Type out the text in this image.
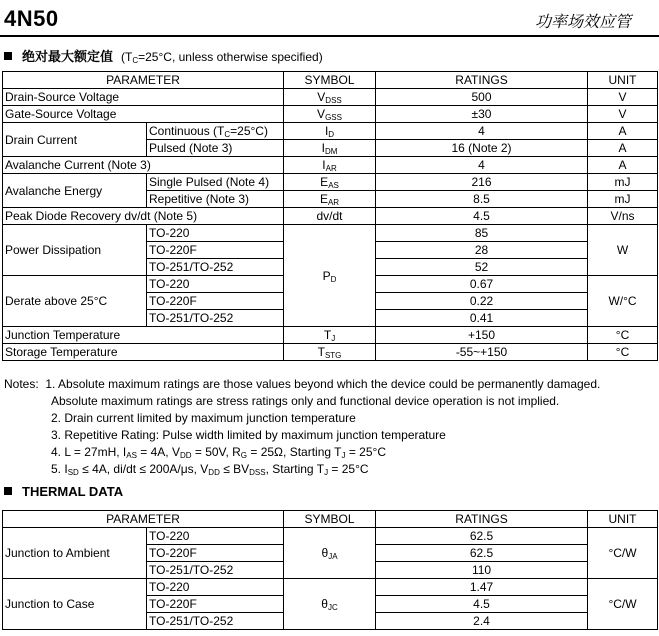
4N50	功率场效应管
绝对最大额定值 ($T_C=25^\circ C$, unless otherwise specified)
PARAMETER		SYMBOL	RATINGS	UNIT
Drain-Source Voltage		$V_{DSS}$	500	V
Gate-Source Voltage		$V_{GSS}$	±30	V
Drain Current	Continuous $(T_C=25^\circ C)$	$I_D$	4	A
	Pulsed (Note 3)	$I_{DM}$	16 (Note 2)	A
Avalanche Current (Note 3)		$I_{AR}$	4	A
Avalanche Energy	Single Pulsed (Note 4)	$E_{AS}$	216	mJ
	Repetitive (Note 3)	$E_{AR}$	8.5	mJ
Peak Diode Recovery dv/dt (Note 5)		dv/dt	4.5	V/ns
Power Dissipation	TO-220	$P_D$	85	W
	TO-220F		28	
	TO-251/TO-252		52	
Derate above 25°C	TO-220		0.67	W/°C
	TO-220F		0.22	
	TO-251/TO-252		0.41	
Junction Temperature		$T_J$	+150	°C
Storage Temperature		$T_{STG}$	-55~+150	°C
Notes: 1. Absolute maximum ratings are those values beyond which the device could be permanently damaged.
Absolute maximum ratings are stress ratings only and functional device operation is not implied.
2. Drain current limited by maximum junction temperature
3. Repetitive Rating: Pulse width limited by maximum junction temperature
4. L = 27mH, $I_{AS} = 4A$, $V_{DD} = 50V$, $R_G = 25\Omega$, Starting $T_J = 25^\circ C$
5. $I_{SD} \le 4A$, di/dt ≤ 200A/μs, $V_{DD} \le BV_{DSS}$, Starting $T_J = 25^\circ C$
THERMAL DATA
PARAMETER		SYMBOL	RATINGS	UNIT
Junction to Ambient	TO-220	$\theta_{JA}$	62.5	°C/W
	TO-220F		62.5	
	TO-251/TO-252		110	
Junction to Case	TO-220	$\theta_{JC}$	1.47	°C/W
	TO-220F		4.5	
	TO-251/TO-252		2.4	
